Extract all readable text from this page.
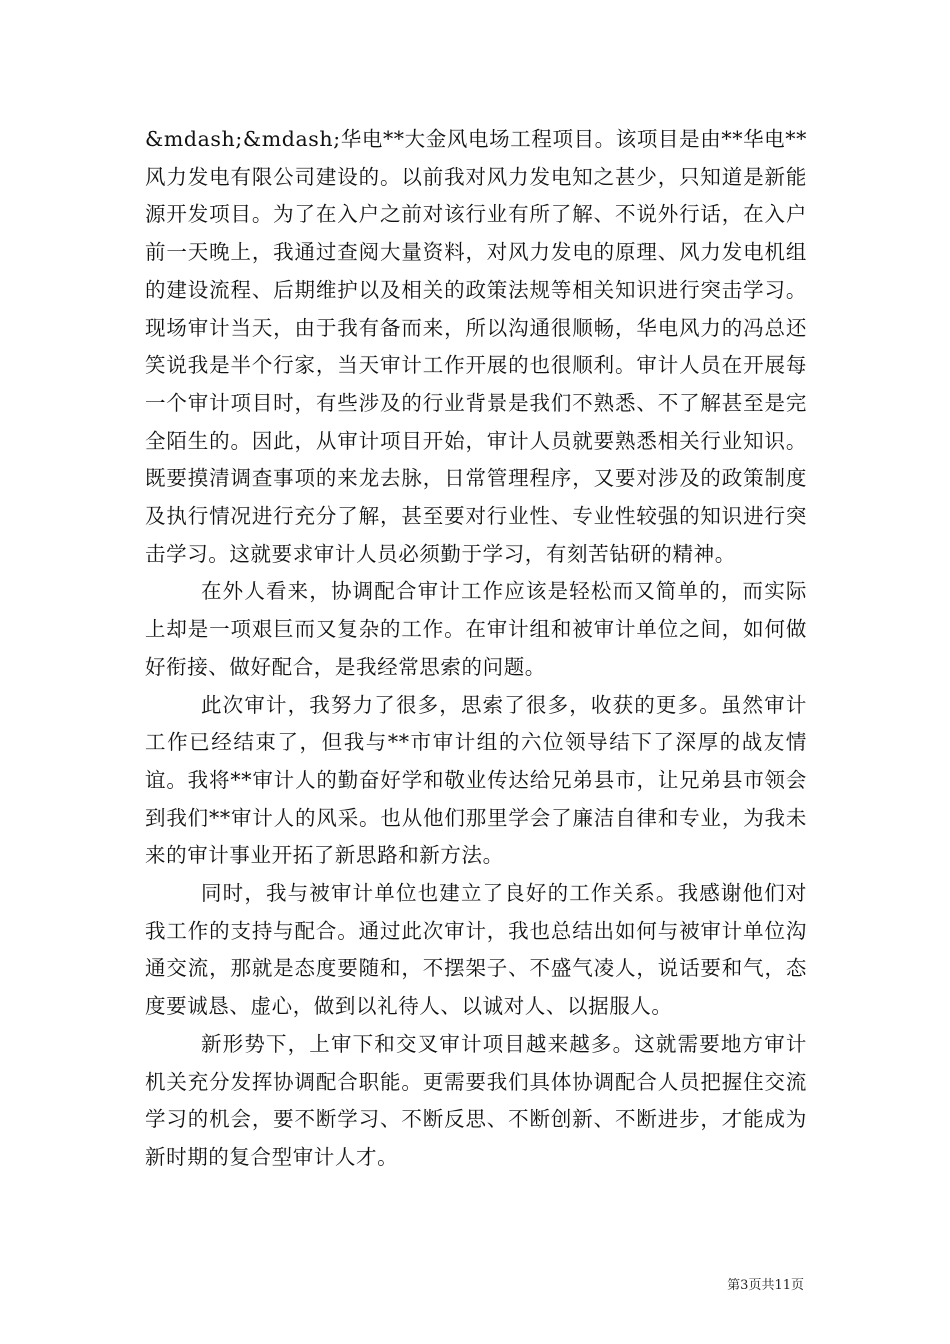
&mdash;&mdash;华电**大金风电场工程项目。该项目是由**华电**风力发电有限公司建设的。以前我对风力发电知之甚少，只知道是新能源开发项目。为了在入户之前对该行业有所了解、不说外行话，在入户前一天晚上，我通过查阅大量资料，对风力发电的原理、风力发电机组的建设流程、后期维护以及相关的政策法规等相关知识进行突击学习。现场审计当天，由于我有备而来，所以沟通很顺畅，华电风力的冯总还笑说我是半个行家，当天审计工作开展的也很顺利。审计人员在开展每一个审计项目时，有些涉及的行业背景是我们不熟悉、不了解甚至是完全陌生的。因此，从审计项目开始，审计人员就要熟悉相关行业知识。既要摸清调查事项的来龙去脉，日常管理程序，又要对涉及的政策制度及执行情况进行充分了解，甚至要对行业性、专业性较强的知识进行突击学习。这就要求审计人员必须勤于学习，有刻苦钻研的精神。

在外人看来，协调配合审计工作应该是轻松而又简单的，而实际上却是一项艰巨而又复杂的工作。在审计组和被审计单位之间，如何做好衔接、做好配合，是我经常思索的问题。

此次审计，我努力了很多，思索了很多，收获的更多。虽然审计工作已经结束了，但我与**市审计组的六位领导结下了深厚的战友情谊。我将**审计人的勤奋好学和敬业传达给兄弟县市，让兄弟县市领会到我们**审计人的风采。也从他们那里学会了廉洁自律和专业，为我未来的审计事业开拓了新思路和新方法。

同时，我与被审计单位也建立了良好的工作关系。我感谢他们对我工作的支持与配合。通过此次审计，我也总结出如何与被审计单位沟通交流，那就是态度要随和，不摆架子、不盛气凌人，说话要和气，态度要诚恳、虚心，做到以礼待人、以诚对人、以据服人。

新形势下，上审下和交叉审计项目越来越多。这就需要地方审计机关充分发挥协调配合职能。更需要我们具体协调配合人员把握住交流学习的机会，要不断学习、不断反思、不断创新、不断进步，才能成为新时期的复合型审计人才。

第3页共11页
